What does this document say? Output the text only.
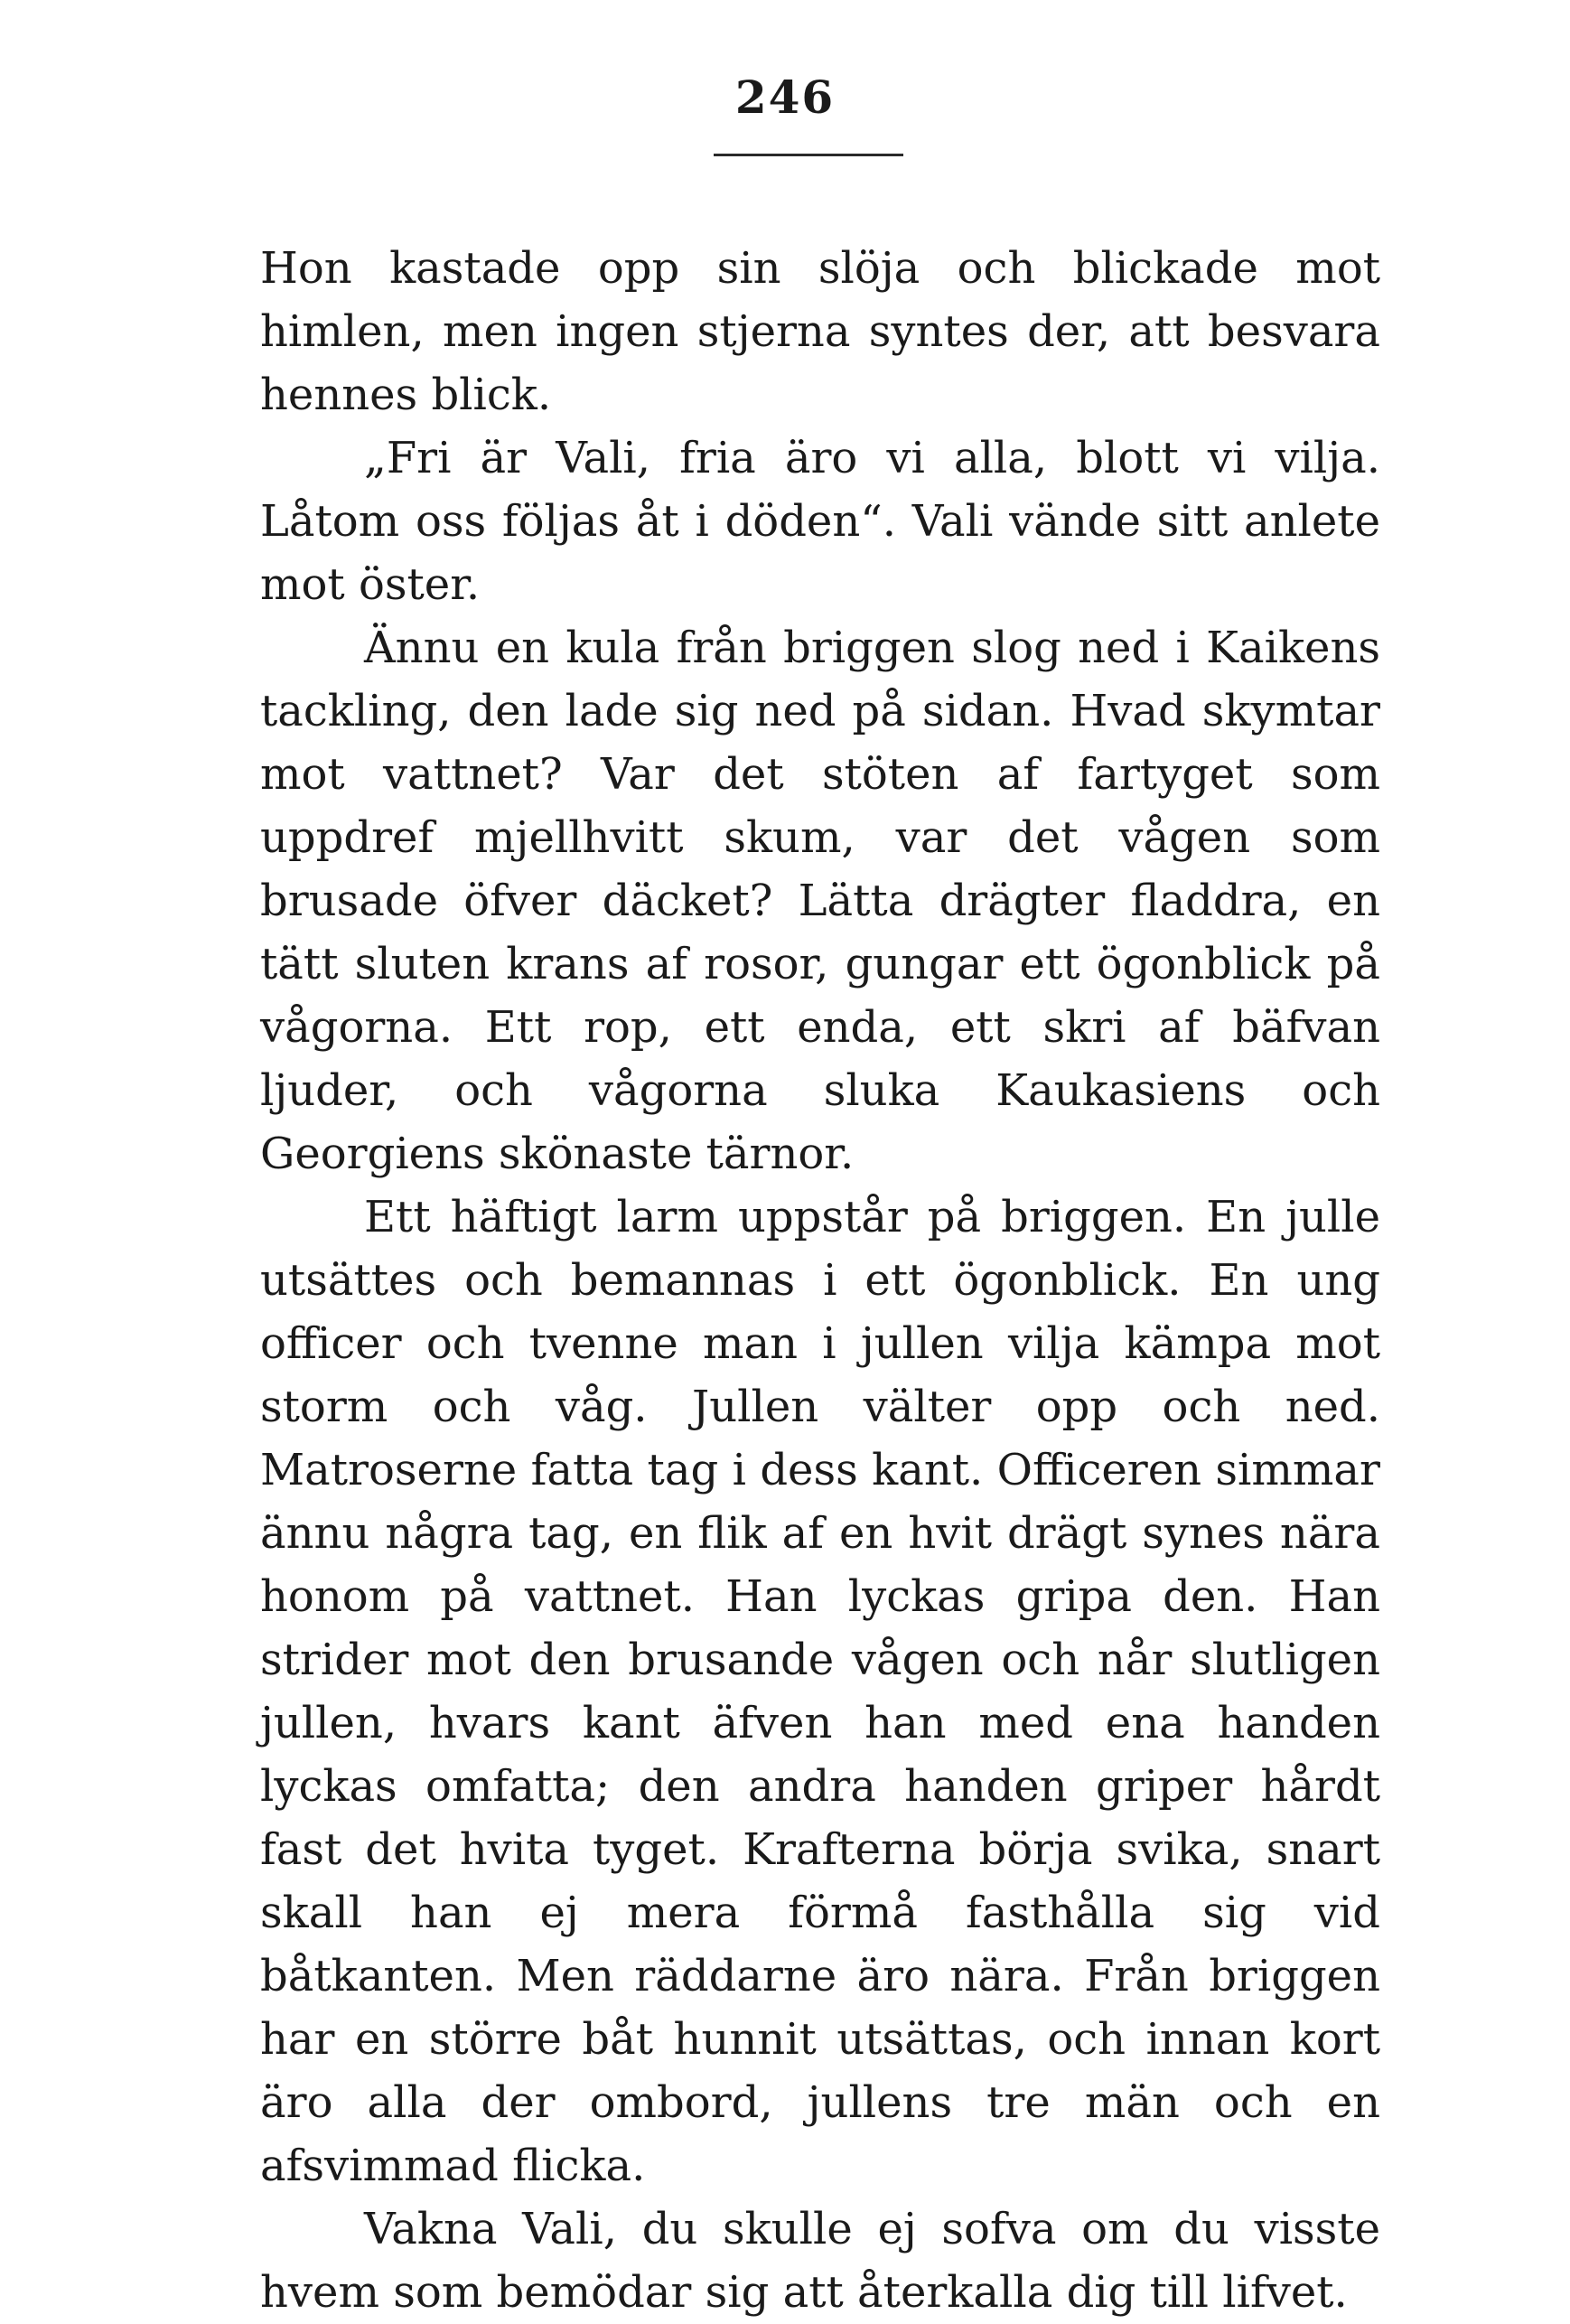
246

Hon kastade opp sin slöja och blickade mot himlen, men ingen stjerna syntes der, att besvara hennes blick.

„Fri är Vali, fria äro vi alla, blott vi vilja. Låtom oss följas åt i döden“. Vali vände sitt anlete mot öster.

Ännu en kula från briggen slog ned i Kaikens tackling, den lade sig ned på sidan. Hvad skymtar mot vattnet? Var det stöten af fartyget som uppdref mjellhvitt skum, var det vågen som brusade öfver däcket? Lätta drägter fladdra, en tätt sluten krans af rosor, gungar ett ögonblick på vågorna. Ett rop, ett enda, ett skri af bäfvan ljuder, och vågorna sluka Kaukasiens och Georgiens skönaste tärnor.

Ett häftigt larm uppstår på briggen. En julle utsättes och bemannas i ett ögonblick. En ung officer och tvenne man i jullen vilja kämpa mot storm och våg. Jullen välter opp och ned. Matroserne fatta tag i dess kant. Officeren simmar ännu några tag, en flik af en hvit drägt synes nära honom på vattnet. Han lyckas gripa den. Han strider mot den brusande vågen och når slutligen jullen, hvars kant äfven han med ena handen lyckas omfatta; den andra handen griper hårdt fast det hvita tyget. Krafterna börja svika, snart skall han ej mera förmå fasthålla sig vid båtkanten. Men räddarne äro nära. Från briggen har en större båt hunnit utsättas, och innan kort äro alla der ombord, jullens tre män och en afsvimmad flicka.

Vakna Vali, du skulle ej sofva om du visste hvem som bemödar sig att återkalla dig till lifvet.
